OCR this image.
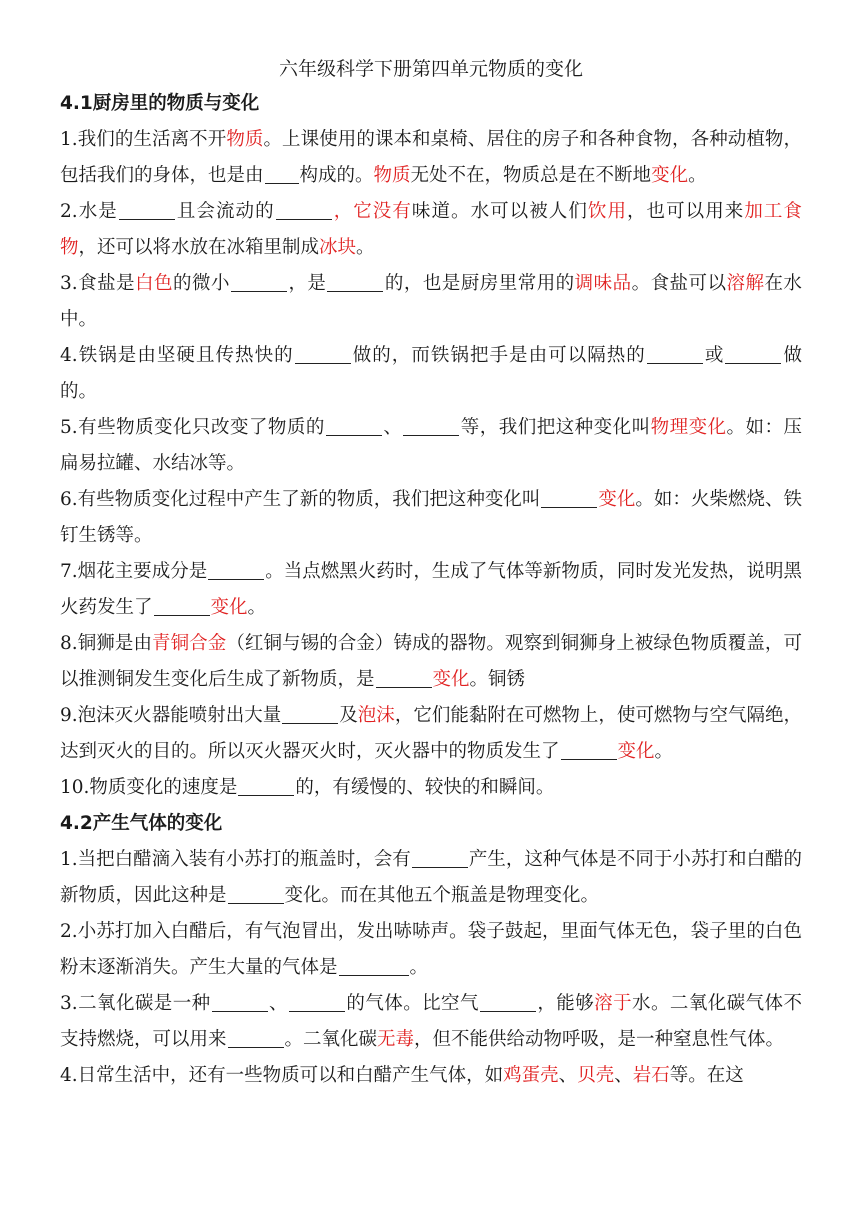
六年级科学下册第四单元物质的变化
4.1厨房里的物质与变化
1.我们的生活离不开物质。上课使用的课本和桌椅、居住的房子和各种食物，各种动植物，包括我们的身体，也是由 构成的。物质无处不在，物质总是在不断地变化。
2.水是	且会流动的	，它没有味道。水可以被人们饮用，也可以用来加工食物，还可以将水放在冰箱里制成冰块。
3.食盐是白色的微小	，是	的，也是厨房里常用的调味品。食盐可以溶解在水中。
4.铁锅是由坚硬且传热快的	做的，而铁锅把手是由可以隔热的	或	做的。
5.有些物质变化只改变了物质的	、	等，我们把这种变化叫物理变化。如：压扁易拉罐、水结冰等。
6.有些物质变化过程中产生了新的物质，我们把这种变化叫	变化。如：火柴燃烧、铁钉生锈等。
7.烟花主要成分是	。当点燃黑火药时，生成了气体等新物质，同时发光发热，说明黑火药发生了	变化。
8.铜狮是由青铜合金（红铜与锡的合金）铸成的器物。观察到铜狮身上被绿色物质覆盖，可以推测铜发生变化后生成了新物质，是	变化。铜锈
9.泡沫灭火器能喷射出大量	及泡沫，它们能黏附在可燃物上，使可燃物与空气隔绝，达到灭火的目的。所以灭火器灭火时，灭火器中的物质发生了	变化。
10.物质变化的速度是	的，有缓慢的、较快的和瞬间。
4.2产生气体的变化
1.当把白醋滴入装有小苏打的瓶盖时，会有	产生，这种气体是不同于小苏打和白醋的新物质，因此这种是	变化。而在其他五个瓶盖是物理变化。
2.小苏打加入白醋后，有气泡冒出，发出哧哧声。袋子鼓起，里面气体无色，袋子里的白色粉末逐渐消失。产生大量的气体是	。
3.二氧化碳是一种	、	的气体。比空气	，能够溶于水。二氧化碳气体不支持燃烧，可以用来	。二氧化碳无毒，但不能供给动物呼吸，是一种窒息性气体。
4.日常生活中，还有一些物质可以和白醋产生气体，如鸡蛋壳、贝壳、岩石等。在这
